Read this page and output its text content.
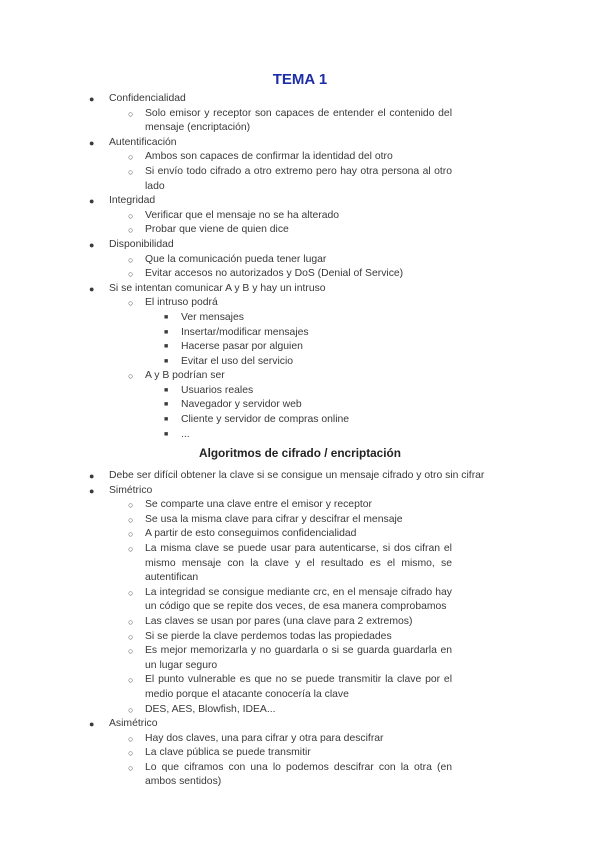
TEMA 1
● Confidencialidad
○ Solo emisor y receptor son capaces de entender el contenido del mensaje (encriptación)
● Autentificación
○ Ambos son capaces de confirmar la identidad del otro
○ Si envío todo cifrado a otro extremo pero hay otra persona al otro lado
● Integridad
○ Verificar que el mensaje no se ha alterado
○ Probar que viene de quien dice
● Disponibilidad
○ Que la comunicación pueda tener lugar
○ Evitar accesos no autorizados y DoS (Denial of Service)
● Si se intentan comunicar A y B y hay un intruso
○ El intruso podrá
■ Ver mensajes
■ Insertar/modificar mensajes
■ Hacerse pasar por alguien
■ Evitar el uso del servicio
○ A y B podrían ser
■ Usuarios reales
■ Navegador y servidor web
■ Cliente y servidor de compras online
■ ...
Algoritmos de cifrado / encriptación
● Debe ser difícil obtener la clave si se consigue un mensaje cifrado y otro sin cifrar
● Simétrico
○ Se comparte una clave entre el emisor y receptor
○ Se usa la misma clave para cifrar y descifrar el mensaje
○ A partir de esto conseguimos confidencialidad
○ La misma clave se puede usar para autenticarse, si dos cifran el mismo mensaje con la clave y el resultado es el mismo, se autentifican
○ La integridad se consigue mediante crc, en el mensaje cifrado hay un código que se repite dos veces, de esa manera comprobamos
○ Las claves se usan por pares (una clave para 2 extremos)
○ Si se pierde la clave perdemos todas las propiedades
○ Es mejor memorizarla y no guardarla o si se guarda guardarla en un lugar seguro
○ El punto vulnerable es que no se puede transmitir la clave por el medio porque el atacante conocería la clave
○ DES, AES, Blowfish, IDEA...
● Asimétrico
○ Hay dos claves, una para cifrar y otra para descifrar
○ La clave pública se puede transmitir
○ Lo que ciframos con una lo podemos descifrar con la otra (en ambos sentidos)
